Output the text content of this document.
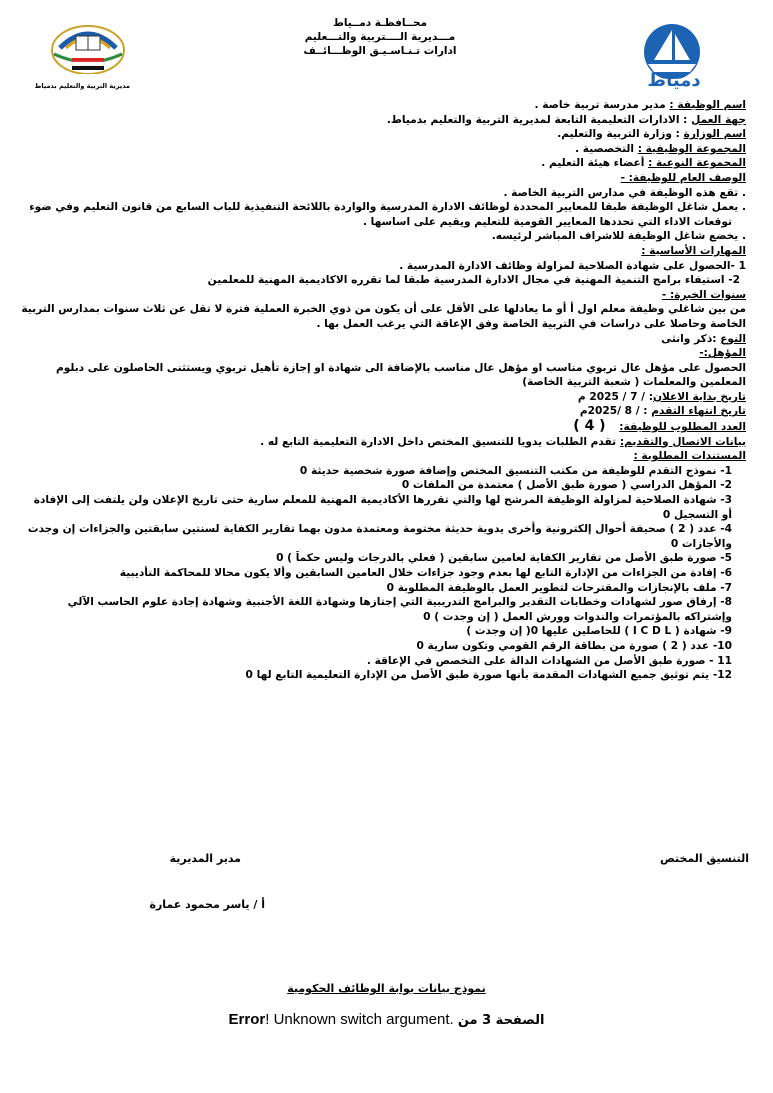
مديرية التربية والتعليم بدمياط
محــافظـة دمــياط
مـــديرية الــــتربية والتـــعليم
ادارات تـنـاسـيـق الوظـــائــف
دمياط
اسم الوظيفة : مدير مدرسة تربية خاصة .
جهة العمل : الادارات التعليمية التابعة لمديرية التربية والتعليم بدمياط.
اسم الوزارة : وزارة التربية والتعليم.
المجموعة الوظيفية : التخصصية .
المجموعة النوعية : أعضاء هيئة التعليم .
الوصف العام للوظيفة: -
. تقع هذه الوظيفة في مدارس التربية الخاصة .
. يعمل شاغل الوظيفة طبقا للمعايير المحددة لوظائف الادارة المدرسية والواردة باللائحة التنفيذية للباب السابع من قانون التعليم وفي ضوء
توقعات الاداء التي تحددها المعايير القومية للتعليم ويقيم على اساسها .
. يخضع شاغل الوظيفة للاشراف المباشر لرئيسه.
المهارات الأساسية :
1 -الحصول على شهادة الصلاحية لمزاولة وظائف الادارة المدرسية .
2- استيفاء برامج التنمية المهنية في مجال الادارة المدرسية طبقا لما تقرره الاكاديمية المهنية للمعلمين
سنوات الخبرة: -
من بين شاغلي وظيفة معلم اول أ أو ما يعادلها على الأقل على أن يكون من ذوي الخبرة العملية فترة لا تقل عن ثلاث سنوات بمدارس التربية الخاصة وحاصلا على دراسات في التربية الخاصة وفق الإعاقة التي يرغب العمل بها .
النوع :ذكر وانثى
المؤهل:-
الحصول على مؤهل عال تربوي مناسب او مؤهل عال مناسب بالإضافة الى شهادة او إجازة تأهيل تربوي ويستثنى الحاصلون على دبلوم المعلمين والمعلمات ( شعبة التربية الخاصة)
تاريخ بداية الاعلان: / 7 / 2025 م
تاريخ انتهاء التقدم : / 8 /2025م
العدد المطلوب للوظيفة: ( 4 )
بيانات الاتصال والتقديم: تقدم الطلبات يدويا للتنسيق المختص داخل الادارة التعليمية التابع له .
المستندات المطلوبة :
1- نموذج التقدم للوظيفة من مكتب التنسيق المختص وإضافة صورة شخصية حديثة 0
2- المؤهل الدراسي ( صورة طبق الأصل ) معتمدة من الملفات 0
3- شهادة الصلاحية لمزاولة الوظيفة المرشح لها والتي تقررها الأكاديمية المهنية للمعلم سارية حتى تاريخ الإعلان ولن يلتفت إلى الإفادة أو التسجيل 0
4- عدد ( 2 ) صحيفة أحوال إلكترونية وأخرى يدوية حديثة مختومة ومعتمدة مدون بهما تقارير الكفاية لسنتين سابقتين والجزاءات إن وجدت والأجازات 0
5- صورة طبق الأصل من تقارير الكفاية لعامين سابقين ( فعلي بالدرجات وليس حكماً ) 0
6- إفادة من الجزاءات من الإدارة التابع لها بعدم وجود جزاءات خلال العامين السابقين وألا يكون محالا للمحاكمة التأديبية
7- ملف بالإنجازات والمقترحات لتطوير العمل بالوظيفة المطلوبة 0
8- إرفاق صور لشهادات وخطابات التقدير والبرامج التدريبية التي إجتازها وشهادة اللغة الأجنبية وشهادة إجادة علوم الحاسب الآلي وإشتراكه بالمؤتمرات والندوات وورش العمل ( إن وجدت ) 0
9- شهادة ( I C D L ) للحاصلين عليها 0( إن وجدت )
10- عدد ( 2 ) صورة من بطاقة الرقم القومي وتكون سارية 0
11 - صورة طبق الأصل من الشهادات الدالة على التخصص في الإعاقة .
12- يتم توثيق جميع الشهادات المقدمة بأنها صورة طبق الأصل من الإدارة التعليمية التابع لها 0
التنسيق المختص
مدير المديرية
أ / ياسر محمود عمارة
نموذج بيانات بوابة الوظائف الحكومية
Error! Unknown switch argument. الصفحة 3 من
